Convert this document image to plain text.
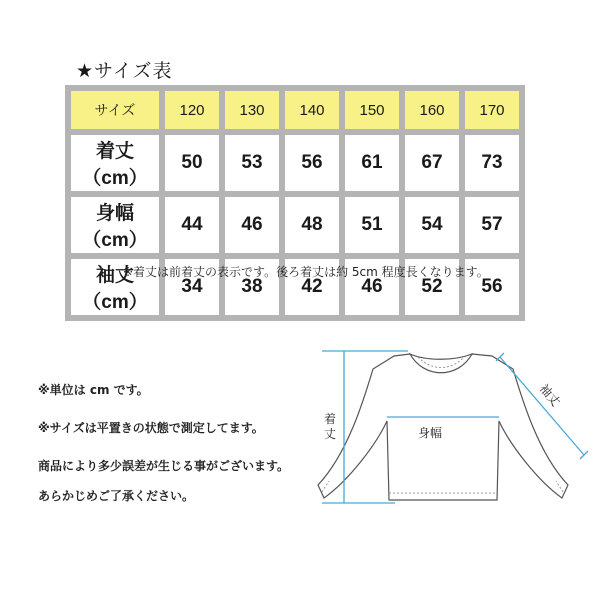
★サイズ表
サイズ	120	130	140	150	160	170
着丈（cm）	50	53	56	61	67	73
身幅（cm）	44	46	48	51	54	57
袖丈（cm）	34	38	42	46	52	56
※着丈は前着丈の表示です。後ろ着丈は約 5cm 程度長くなります。
※単位は cm です。
※サイズは平置きの状態で測定してます。
商品により多少誤差が生じる事がございます。
あらかじめご了承ください。
着
丈	身幅
袖丈
